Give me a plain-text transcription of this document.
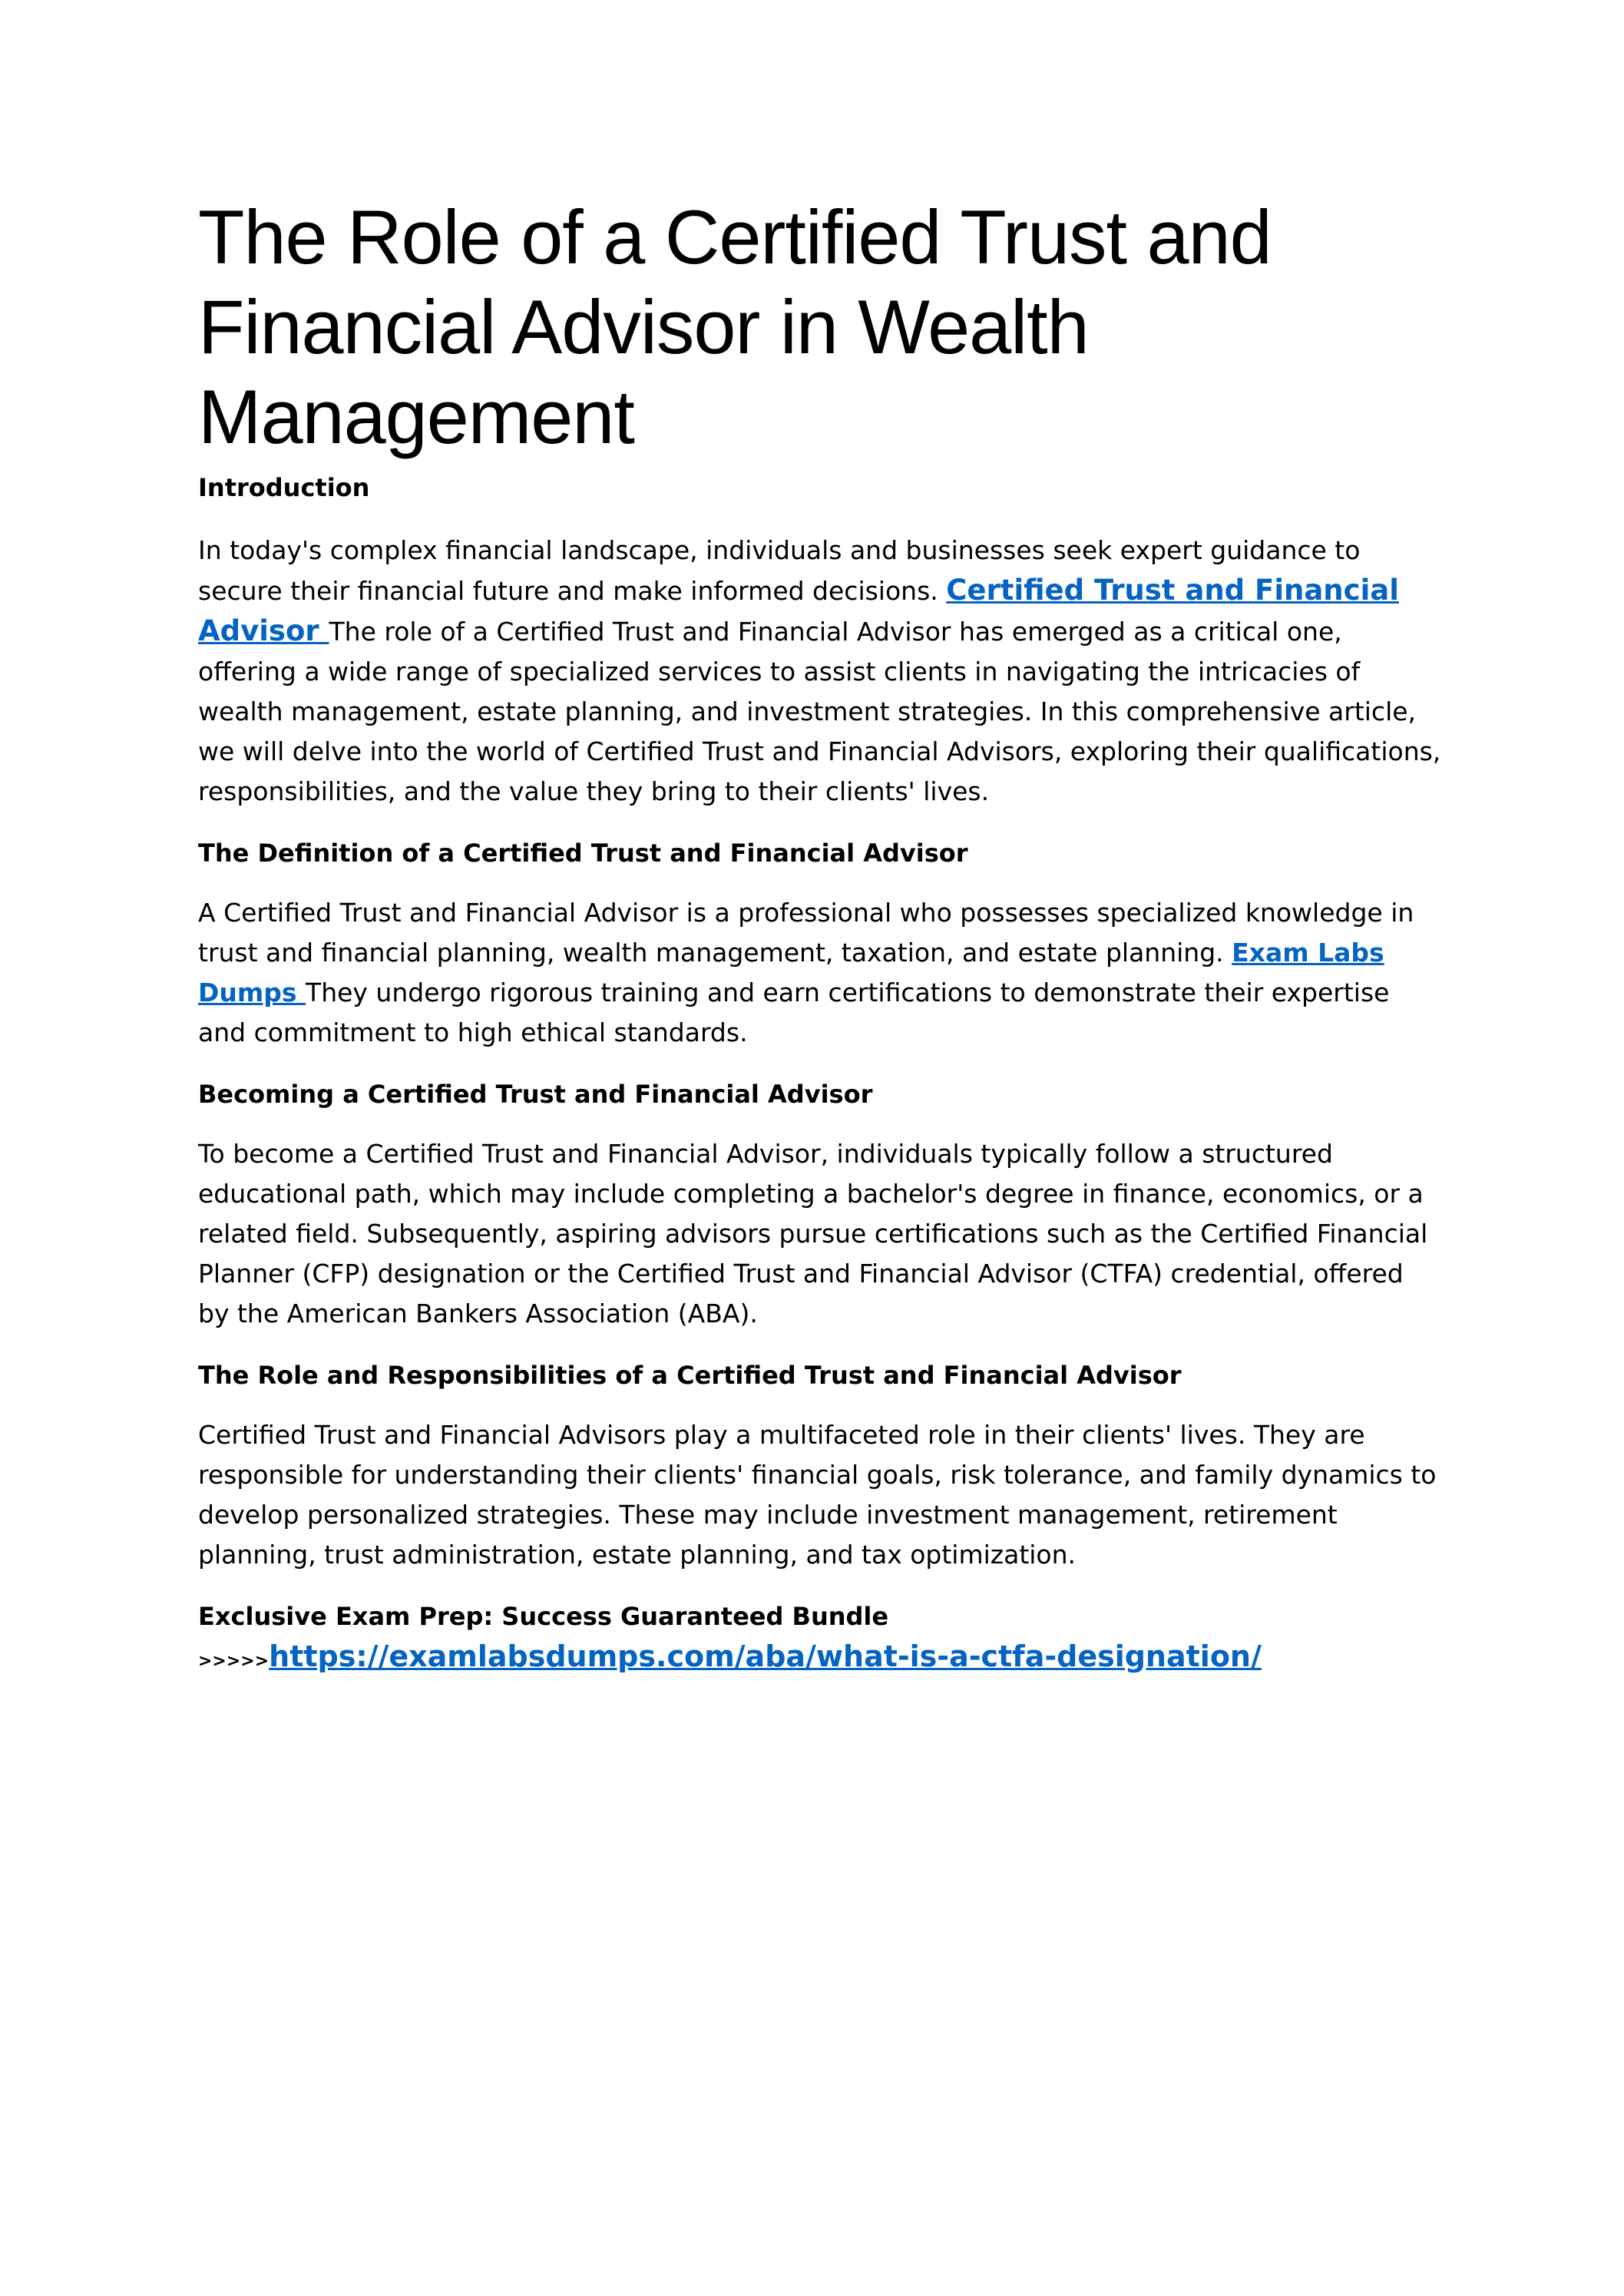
The Role of a Certified Trust and Financial Advisor in Wealth Management
Introduction

In today's complex financial landscape, individuals and businesses seek expert guidance to secure their financial future and make informed decisions. Certified Trust and Financial Advisor The role of a Certified Trust and Financial Advisor has emerged as a critical one, offering a wide range of specialized services to assist clients in navigating the intricacies of wealth management, estate planning, and investment strategies. In this comprehensive article, we will delve into the world of Certified Trust and Financial Advisors, exploring their qualifications, responsibilities, and the value they bring to their clients' lives.

The Definition of a Certified Trust and Financial Advisor

A Certified Trust and Financial Advisor is a professional who possesses specialized knowledge in trust and financial planning, wealth management, taxation, and estate planning. Exam Labs Dumps They undergo rigorous training and earn certifications to demonstrate their expertise and commitment to high ethical standards.

Becoming a Certified Trust and Financial Advisor

To become a Certified Trust and Financial Advisor, individuals typically follow a structured educational path, which may include completing a bachelor's degree in finance, economics, or a related field. Subsequently, aspiring advisors pursue certifications such as the Certified Financial Planner (CFP) designation or the Certified Trust and Financial Advisor (CTFA) credential, offered by the American Bankers Association (ABA).

The Role and Responsibilities of a Certified Trust and Financial Advisor

Certified Trust and Financial Advisors play a multifaceted role in their clients' lives. They are responsible for understanding their clients' financial goals, risk tolerance, and family dynamics to develop personalized strategies. These may include investment management, retirement planning, trust administration, estate planning, and tax optimization.

Exclusive Exam Prep: Success Guaranteed Bundle >>>>>https://examlabsdumps.com/aba/what-is-a-ctfa-designation/
